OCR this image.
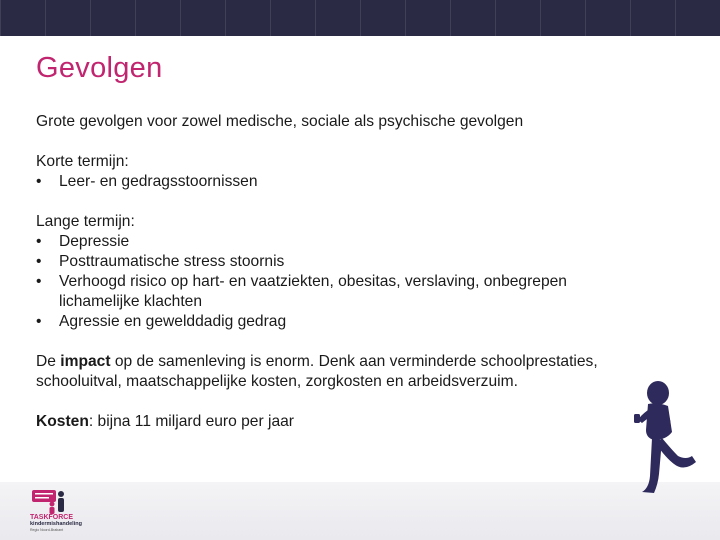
Gevolgen

Grote gevolgen voor zowel medische, sociale als psychische gevolgen

Korte termijn:

•	Leer- en gedragsstoornissen

Lange termijn:

•	Depressie
•	Posttraumatische stress stoornis
•	Verhoogd risico op hart- en vaatziekten, obesitas, verslaving, onbegrepen lichamelijke klachten
•	Agressie en gewelddadig gedrag

De impact op de samenleving is enorm. Denk aan verminderde schoolprestaties, schooluitval, maatschappelijke kosten, zorgkosten en arbeidsverzuim.

Kosten: bijna 11 miljard euro per jaar

TASKFORCE
kindermishandeling
Regio Noord-Brabant
